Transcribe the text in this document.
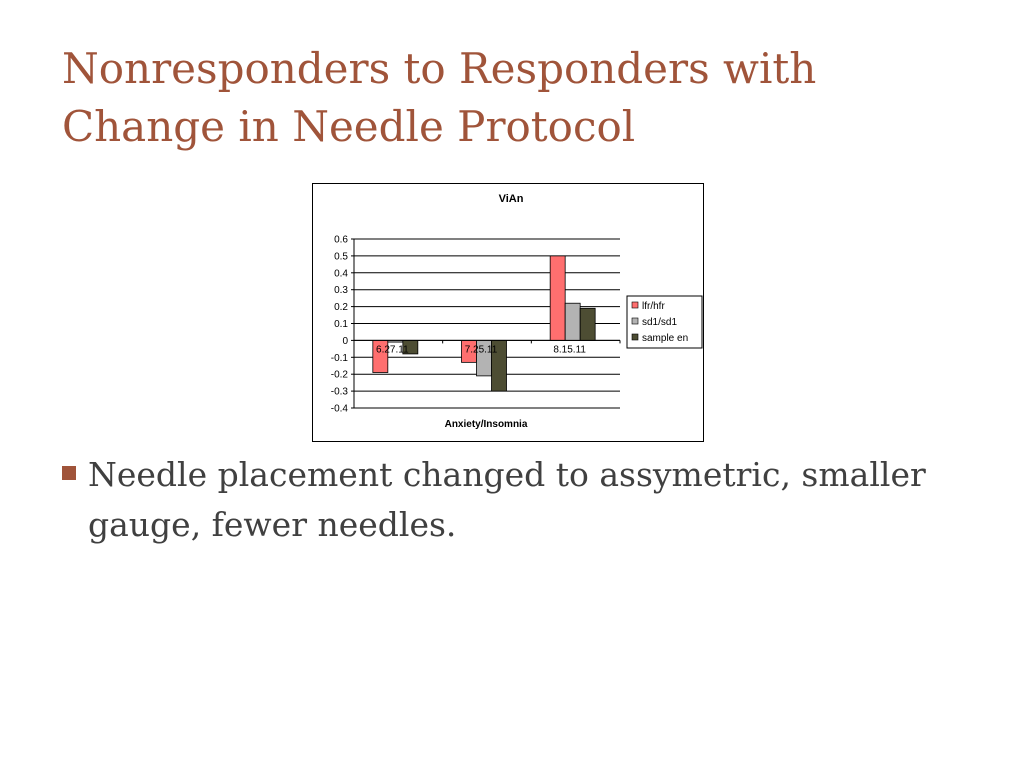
Nonresponders to Responders with
Change in Needle Protocol
ViAn
0.6
0.5
0.4
0.3
0.2
0.1
0
-0.1
-0.2
-0.3
-0.4
6.27.11	7.25.11	8.15.11
Anxiety/Insomnia
lfr/hfr
sd1/sd1
sample en

Needle placement changed to assymetric, smaller gauge, fewer needles.
